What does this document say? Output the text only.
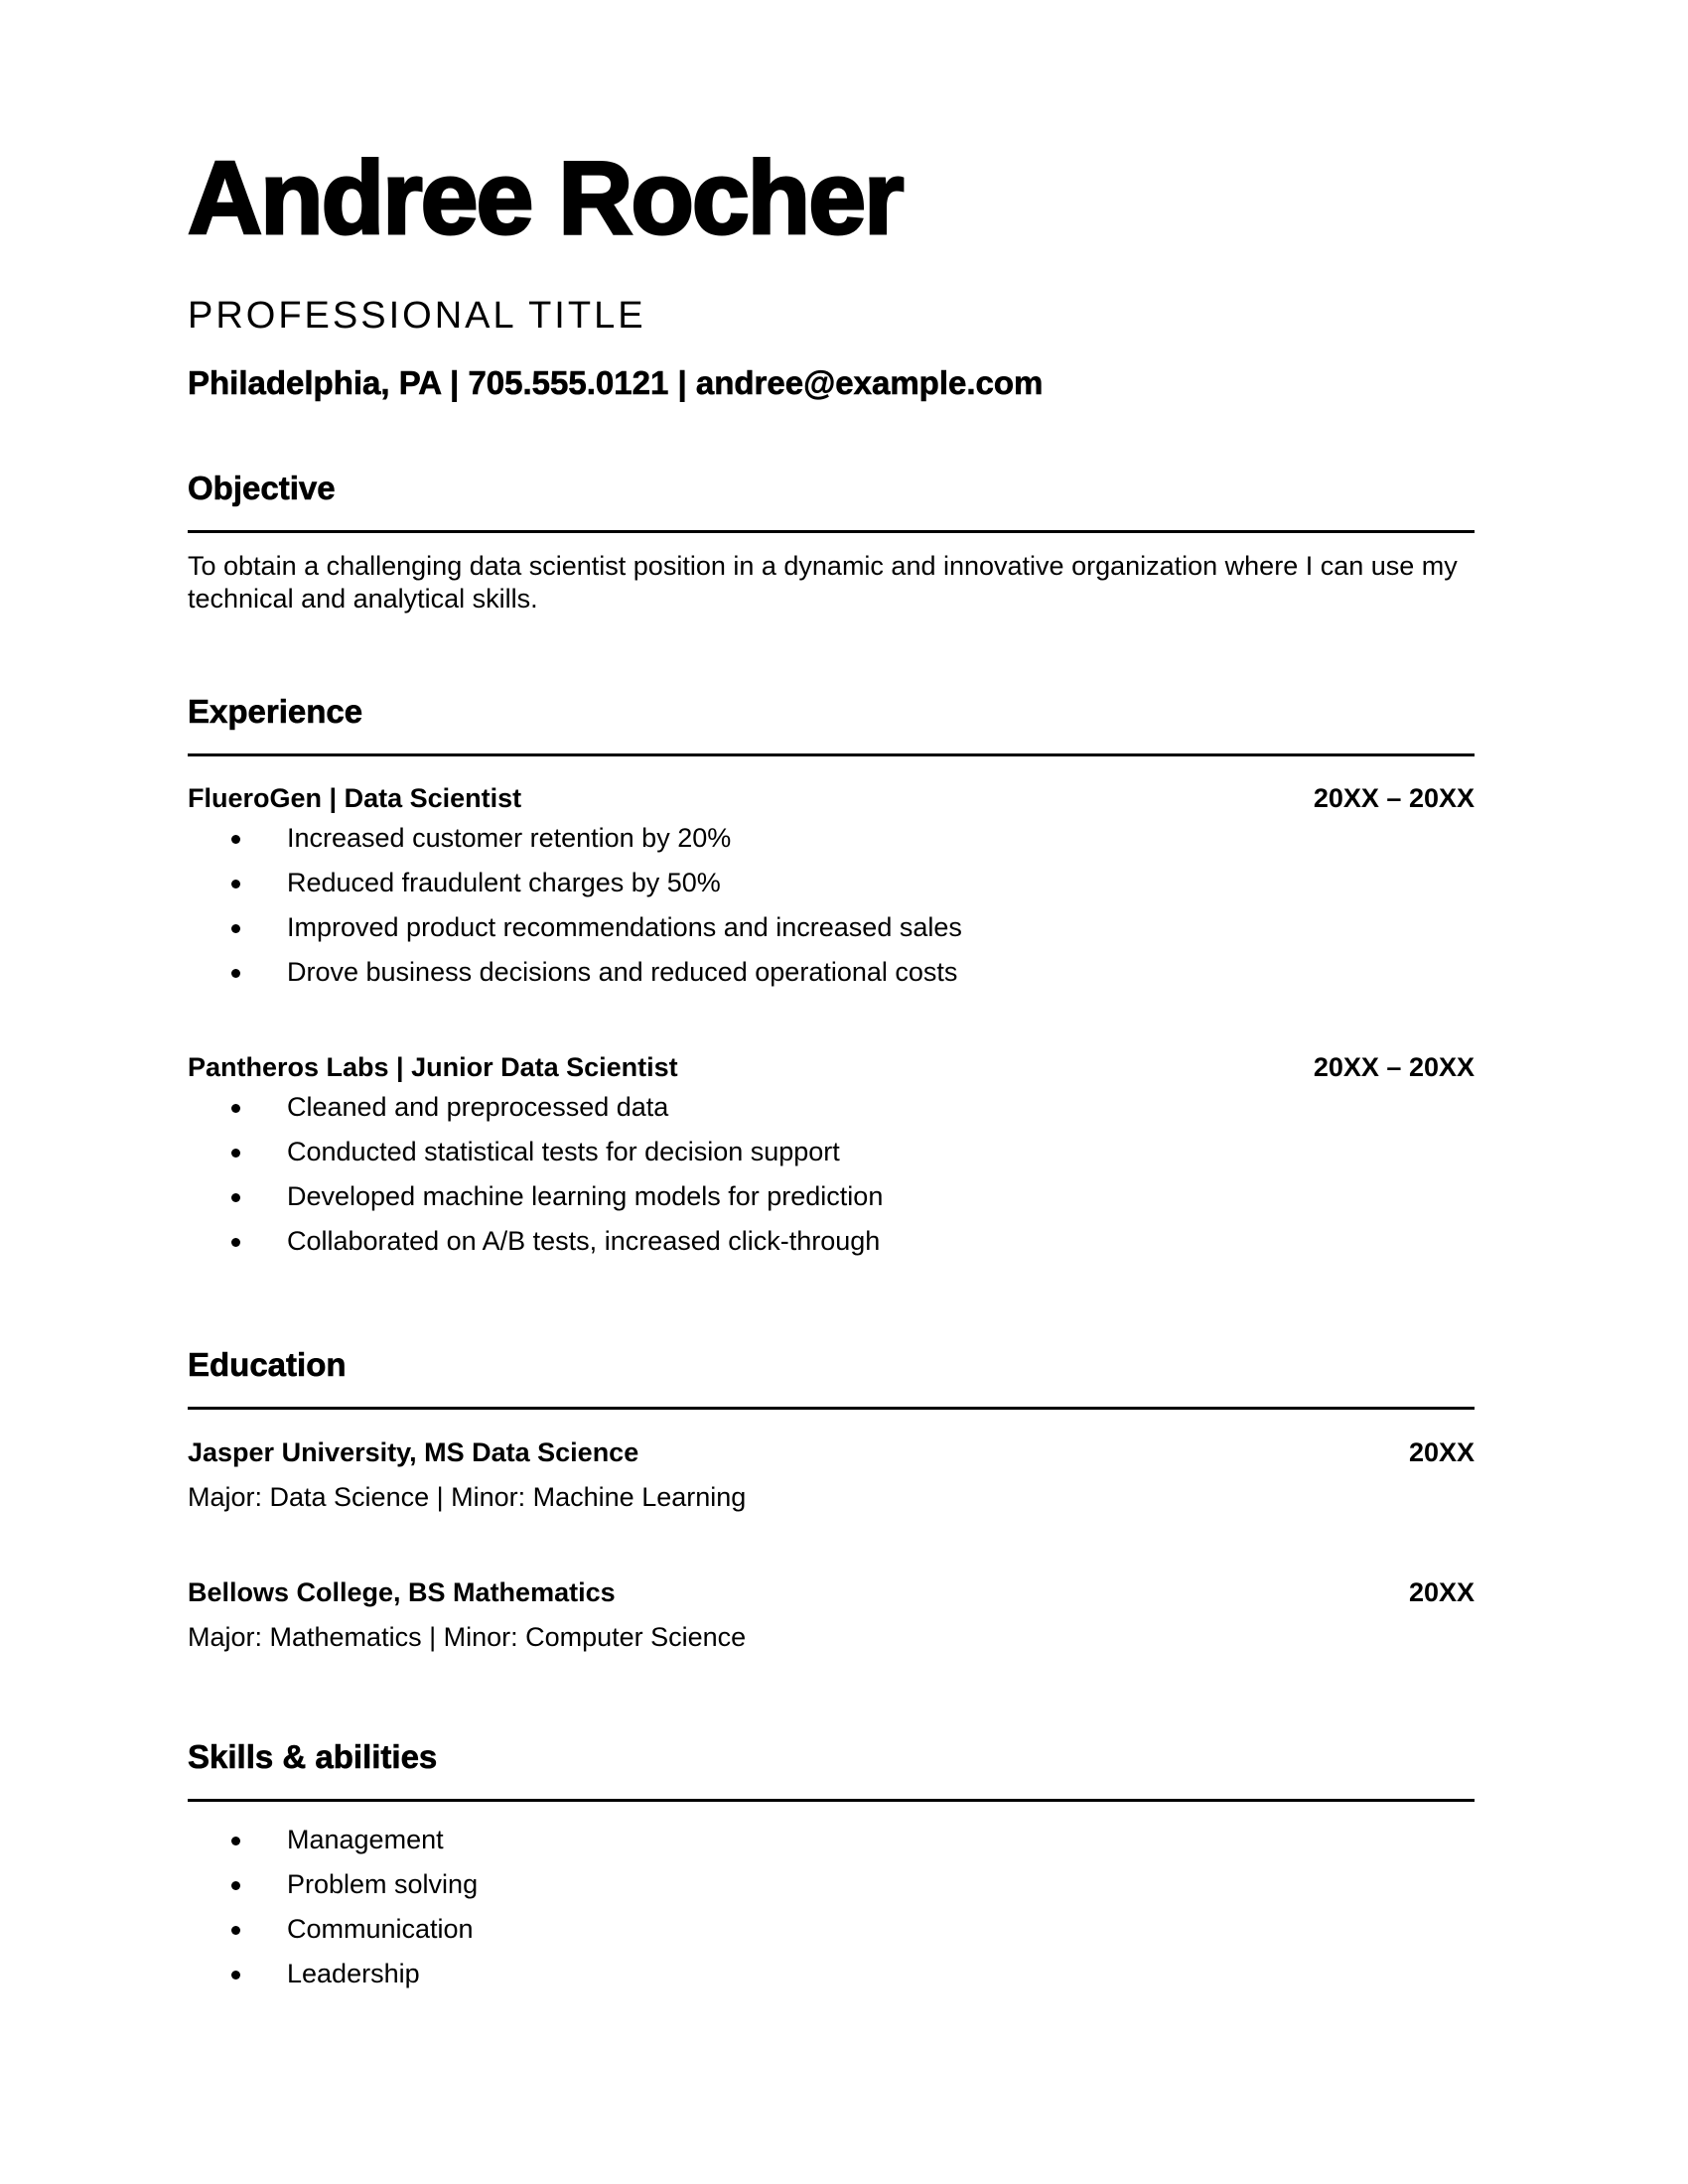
Andree Rocher
PROFESSIONAL TITLE
Philadelphia, PA | 705.555.0121 | andree@example.com
Objective
To obtain a challenging data scientist position in a dynamic and innovative organization where I can use my technical and analytical skills.
Experience
FlueroGen | Data Scientist	20XX – 20XX
Increased customer retention by 20%
Reduced fraudulent charges by 50%
Improved product recommendations and increased sales
Drove business decisions and reduced operational costs
Pantheros Labs | Junior Data Scientist	20XX – 20XX
Cleaned and preprocessed data
Conducted statistical tests for decision support
Developed machine learning models for prediction
Collaborated on A/B tests, increased click-through
Education
Jasper University, MS Data Science	20XX
Major: Data Science | Minor: Machine Learning
Bellows College, BS Mathematics	20XX
Major: Mathematics | Minor: Computer Science
Skills & abilities
Management
Problem solving
Communication
Leadership
